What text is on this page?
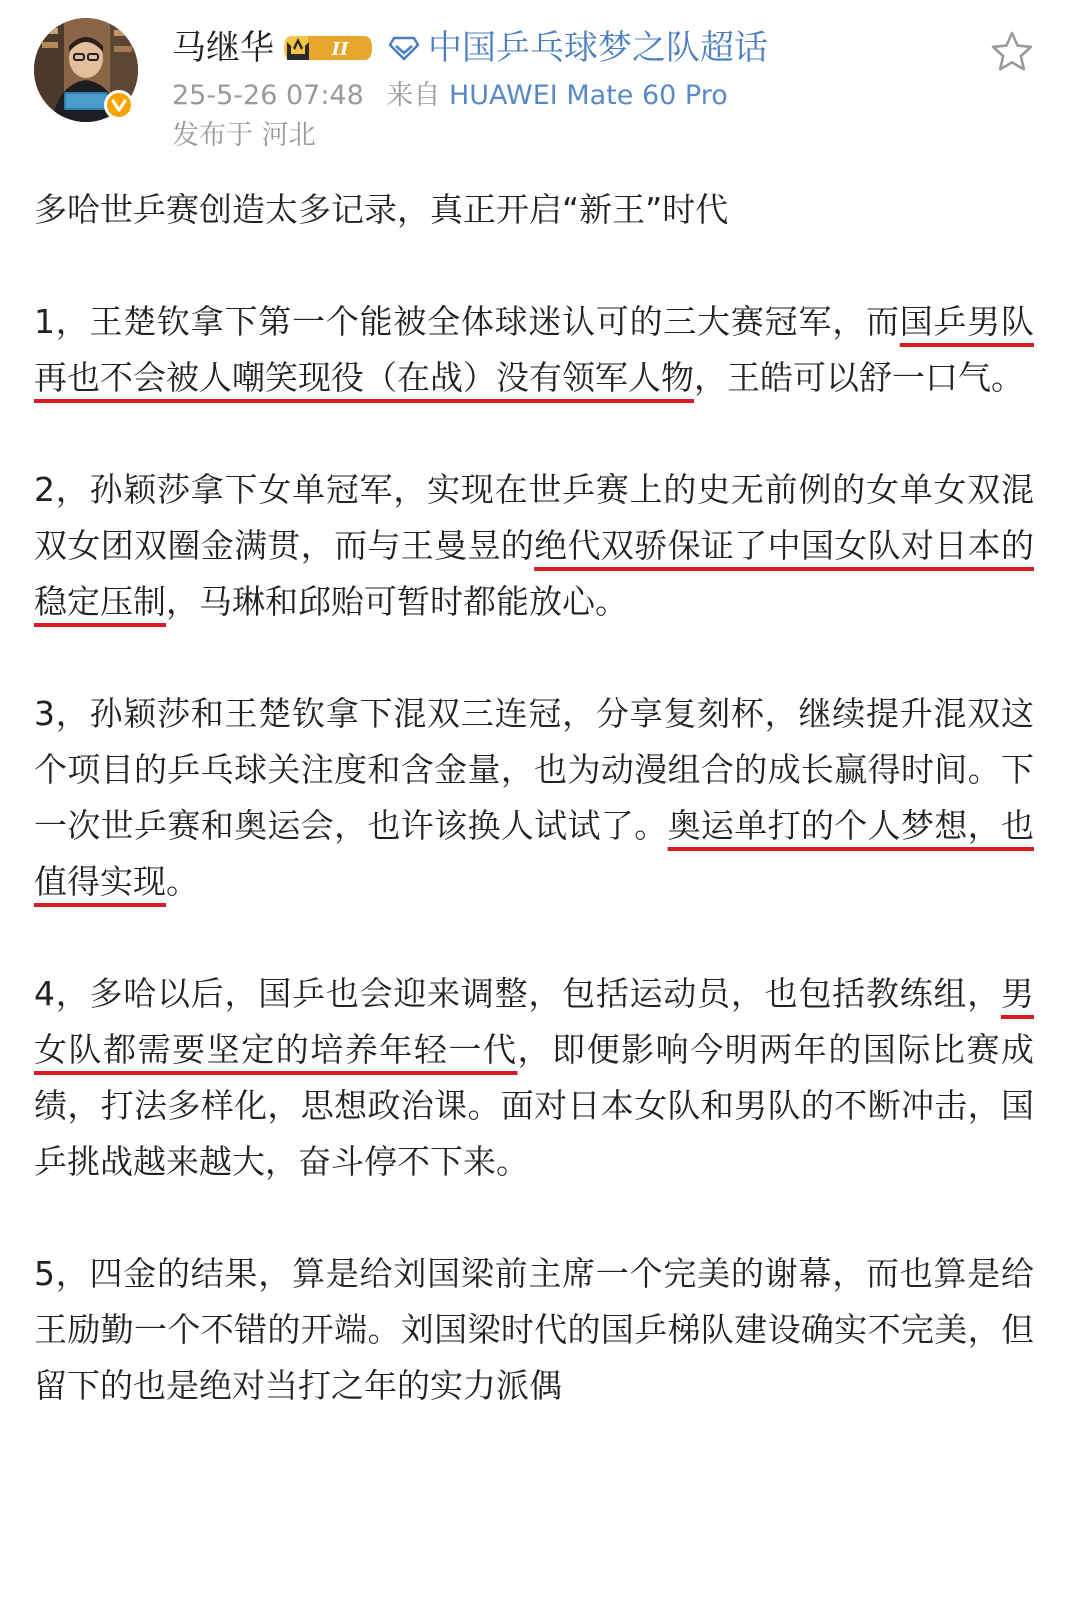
马继华	II 中国乒乓球梦之队超话
25-5-26 07:48 来自 HUAWEI Mate 60 Pro
发布于 河北

多哈世乒赛创造太多记录，真正开启“新王”时代

1，王楚钦拿下第一个能被全体球迷认可的三大赛冠军，而国乒男队再也不会被人嘲笑现役（在战）没有领军人物，王皓可以舒一口气。

2，孙颖莎拿下女单冠军，实现在世乒赛上的史无前例的女单女双混双女团双圈金满贯，而与王曼昱的绝代双骄保证了中国女队对日本的稳定压制，马琳和邱贻可暂时都能放心。

3，孙颖莎和王楚钦拿下混双三连冠，分享复刻杯，继续提升混双这个项目的乒乓球关注度和含金量，也为动漫组合的成长赢得时间。下一次世乒赛和奥运会，也许该换人试试了。奥运单打的个人梦想，也值得实现。

4，多哈以后，国乒也会迎来调整，包括运动员，也包括教练组，男女队都需要坚定的培养年轻一代，即便影响今明两年的国际比赛成绩，打法多样化，思想政治课。面对日本女队和男队的不断冲击，国乒挑战越来越大，奋斗停不下来。

5，四金的结果，算是给刘国梁前主席一个完美的谢幕，而也算是给王励勤一个不错的开端。刘国梁时代的国乒梯队建设确实不完美，但留下的也是绝对当打之年的实力派偶
